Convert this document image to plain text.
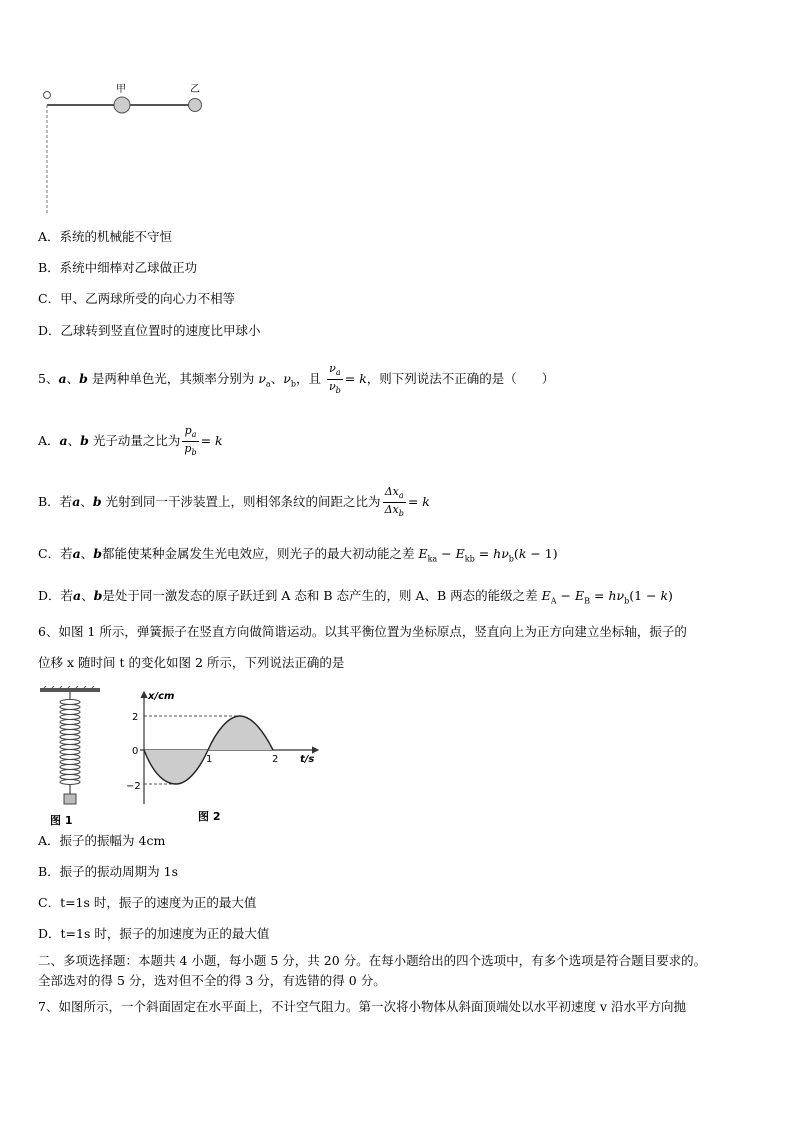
甲	乙
A．系统的机械能不守恒
B．系统中细棒对乙球做正功
C．甲、乙两球所受的向心力不相等
D．乙球转到竖直位置时的速度比甲球小
5、a、b 是两种单色光，其频率分别为 $\nu_a$、$\nu_b$，且 $\frac{\nu_a}{\nu_b} = k$，则下列说法不正确的是（　　）
A．a、b 光子动量之比为 $\frac{p_a}{p_b} = k$
B．若a、b 光射到同一干涉装置上，则相邻条纹的间距之比为 $\frac{\Delta x_a}{\Delta x_b} = k$
C．若a、b都能使某种金属发生光电效应，则光子的最大初动能之差 $E_{ka} - E_{kb} = h\nu_b(k - 1)$
D．若a、b是处于同一激发态的原子跃迁到 A 态和 B 态产生的，则 A、B 两态的能级之差 $E_A - E_B = h\nu_b(1 - k)$
6、如图 1 所示，弹簧振子在竖直方向做简谐运动。以其平衡位置为坐标原点，竖直向上为正方向建立坐标轴，振子的
位移 x 随时间 t 的变化如图 2 所示，下列说法正确的是
图 1
x/cm
t/s
2
0
−2
1	2
图 2
A．振子的振幅为 4cm
B．振子的振动周期为 1s
C．t=1s 时，振子的速度为正的最大值
D．t=1s 时，振子的加速度为正的最大值
二、多项选择题：本题共 4 小题，每小题 5 分，共 20 分。在每小题给出的四个选项中，有多个选项是符合题目要求的。
全部选对的得 5 分，选对但不全的得 3 分，有选错的得 0 分。
7、如图所示，一个斜面固定在水平面上，不计空气阻力。第一次将小物体从斜面顶端处以水平初速度 v 沿水平方向抛
